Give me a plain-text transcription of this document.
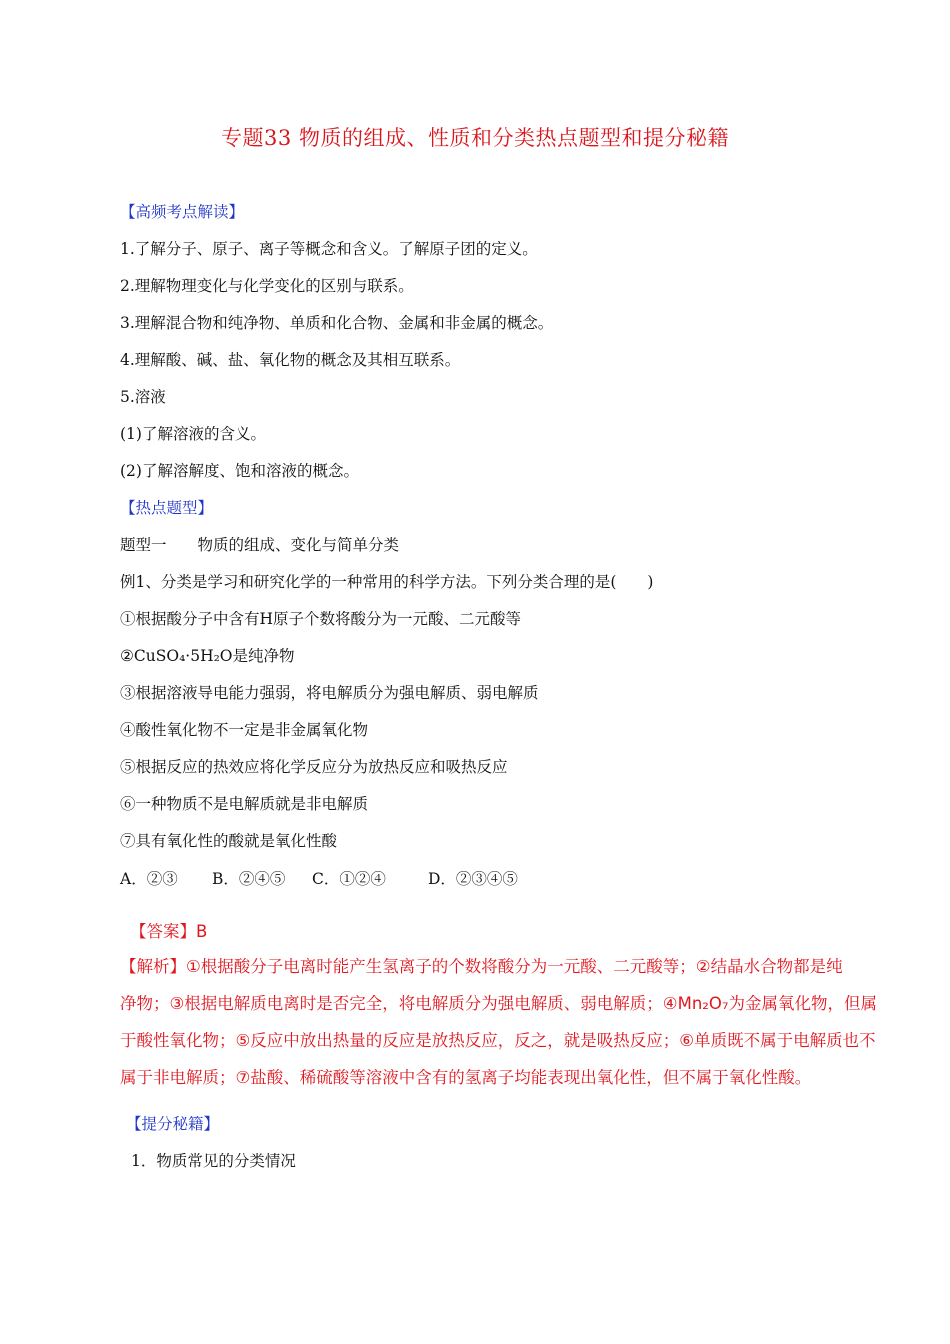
专题33 物质的组成、性质和分类热点题型和提分秘籍
【高频考点解读】
1.了解分子、原子、离子等概念和含义。了解原子团的定义。
2.理解物理变化与化学变化的区别与联系。
3.理解混合物和纯净物、单质和化合物、金属和非金属的概念。
4.理解酸、碱、盐、氧化物的概念及其相互联系。
5.溶液
(1)了解溶液的含义。
(2)了解溶解度、饱和溶液的概念。
【热点题型】
题型一　　物质的组成、变化与简单分类
例1、分类是学习和研究化学的一种常用的科学方法。下列分类合理的是(　　)
①根据酸分子中含有H原子个数将酸分为一元酸、二元酸等
②CuSO₄·5H₂O是纯净物
③根据溶液导电能力强弱，将电解质分为强电解质、弱电解质
④酸性氧化物不一定是非金属氧化物
⑤根据反应的热效应将化学反应分为放热反应和吸热反应
⑥一种物质不是电解质就是非电解质
⑦具有氧化性的酸就是氧化性酸
A．②③ B．②④⑤ C．①②④	D．②③④⑤
【答案】B
【解析】①根据酸分子电离时能产生氢离子的个数将酸分为一元酸、二元酸等；②结晶水合物都是纯
净物；③根据电解质电离时是否完全，将电解质分为强电解质、弱电解质；④Mn₂O₇为金属氧化物，但属
于酸性氧化物；⑤反应中放出热量的反应是放热反应，反之，就是吸热反应；⑥单质既不属于电解质也不
属于非电解质；⑦盐酸、稀硫酸等溶液中含有的氢离子均能表现出氧化性，但不属于氧化性酸。
【提分秘籍】
1．物质常见的分类情况
